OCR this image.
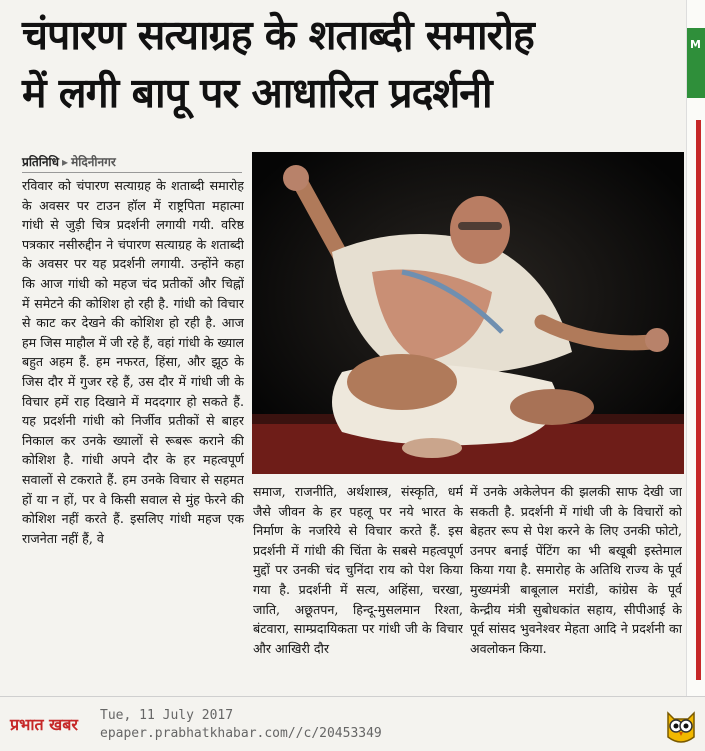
M
चंपारण सत्याग्रह के शताब्दी समारोह
में लगी बापू पर आधारित प्रदर्शनी
प्रतिनिधि ▸ मेदिनीनगर
रविवार को चंपारण सत्याग्रह के शताब्दी समारोह के अवसर पर टाउन हॉल में राष्ट्रपिता महात्मा गांधी से जुड़ी चित्र प्रदर्शनी लगायी गयी. वरिष्ठ पत्रकार नसीरुद्दीन ने चंपारण सत्याग्रह के शताब्दी के अवसर पर यह प्रदर्शनी लगायी. उन्होंने कहा कि आज गांधी को महज चंद प्रतीकों और चिह्नों में समेटने की कोशिश हो रही है. गांधी को विचार से काट कर देखने की कोशिश हो रही है. आज हम जिस माहौल में जी रहे हैं, वहां गांधी के ख्याल बहुत अहम हैं. हम नफरत, हिंसा, और झूठ के जिस दौर में गुजर रहे हैं, उस दौर में गांधी जी के विचार हमें राह दिखाने में मददगार हो सकते हैं. यह प्रदर्शनी गांधी को निर्जीव प्रतीकों से बाहर निकाल कर उनके ख्यालों से रूबरू कराने की कोशिश है. गांधी अपने दौर के हर महत्वपूर्ण सवालों से टकराते हैं. हम उनके विचार से सहमत हों या न हों, पर वे किसी सवाल से मुंह फेरने की कोशिश नहीं करते हैं. इसलिए गांधी महज एक राजनेता नहीं हैं, वे
समाज, राजनीति, अर्थशास्त्र, संस्कृति, धर्म जैसे जीवन के हर पहलू पर नये भारत के निर्माण के नजरिये से विचार करते हैं. इस प्रदर्शनी में गांधी की चिंता के सबसे महत्वपूर्ण मुद्दों पर उनकी चंद चुनिंदा राय को पेश किया गया है. प्रदर्शनी में सत्य, अहिंसा, चरखा, जाति, अछूतपन, हिन्दू-मुसलमान रिश्ता, बंटवारा, साम्प्रदायिकता पर गांधी जी के विचार और आखिरी दौर
में उनके अकेलेपन की झलकी साफ देखी जा सकती है. प्रदर्शनी में गांधी जी के विचारों को बेहतर रूप से पेश करने के लिए उनकी फोटो, उनपर बनाई पेंटिंग का भी बखूबी इस्तेमाल किया गया है. समारोह के अतिथि राज्य के पूर्व मुख्यमंत्री बाबूलाल मरांडी, कांग्रेस के पूर्व केन्द्रीय मंत्री सुबोधकांत सहाय, सीपीआई के पूर्व सांसद भुवनेश्वर मेहता आदि ने प्रदर्शनी का अवलोकन किया.
प्रभात खबर Tue, 11 July 2017
epaper.prabhatkhabar.com//c/20453349
